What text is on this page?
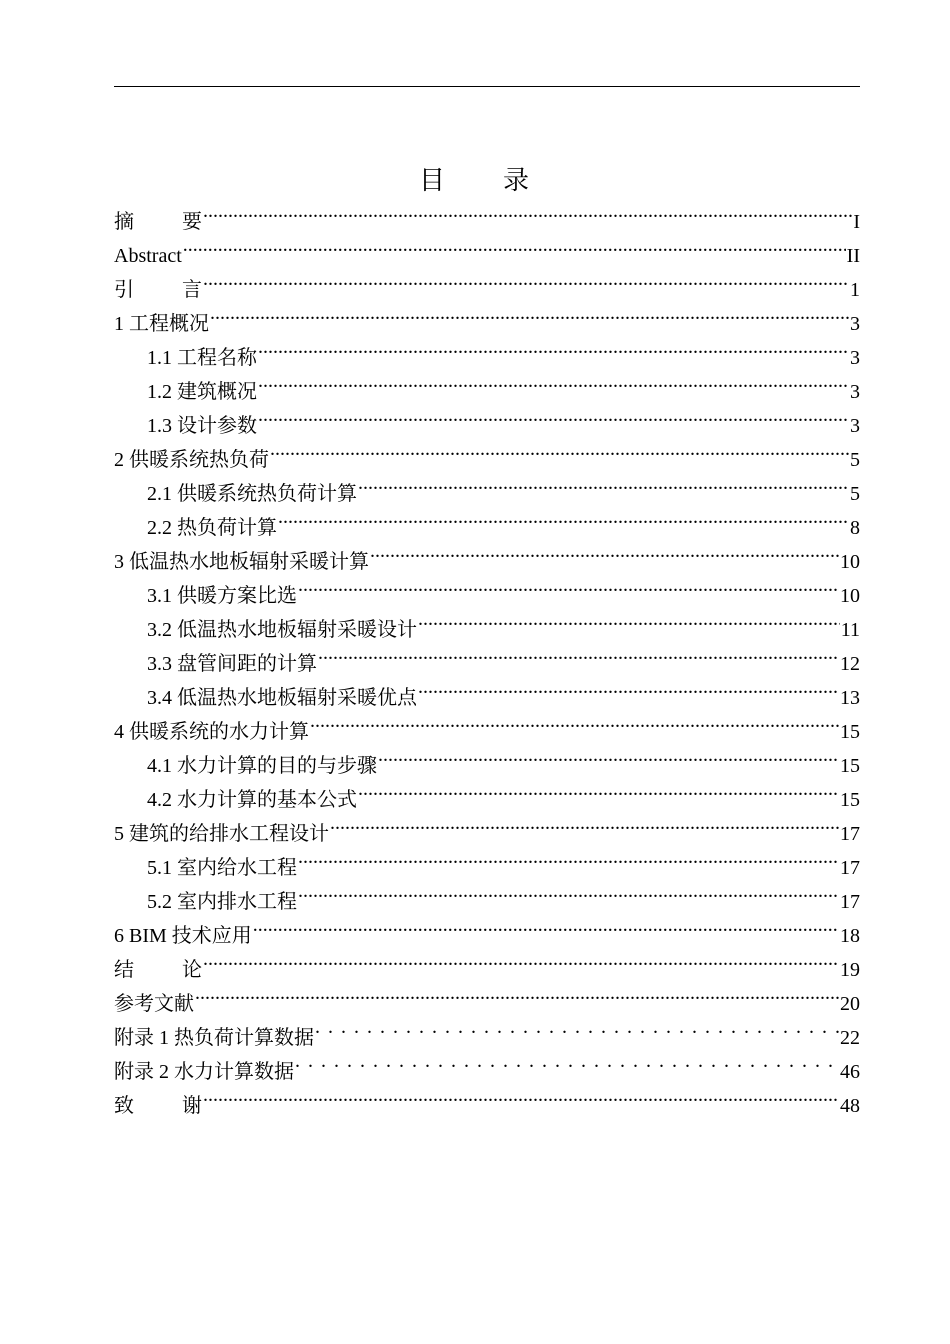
目　　录
摘 要 .....	I
Abstract .....	II
引 言 .....	1
1 工程概况 .....	3
1.1 工程名称 .....	3
1.2 建筑概况 .....	3
1.3 设计参数 .....	3
2 供暖系统热负荷 .....	5
2.1 供暖系统热负荷计算 .....	5
2.2 热负荷计算 .....	8
3 低温热水地板辐射采暖计算 .....	10
3.1 供暖方案比选 .....	10
3.2 低温热水地板辐射采暖设计 .....	11
3.3 盘管间距的计算 .....	12
3.4 低温热水地板辐射采暖优点 .....	13
4 供暖系统的水力计算 .....	15
4.1 水力计算的目的与步骤 .....	15
4.2 水力计算的基本公式 .....	15
5 建筑的给排水工程设计 .....	17
5.1 室内给水工程 .....	17
5.2 室内排水工程 .....	17
6 BIM 技术应用 .....	18
结 论 .....	19
参考文献 .....	20
附录 1 热负荷计算数据 . . .	22
附录 2 水力计算数据 . . .	46
致 谢 .....	48
